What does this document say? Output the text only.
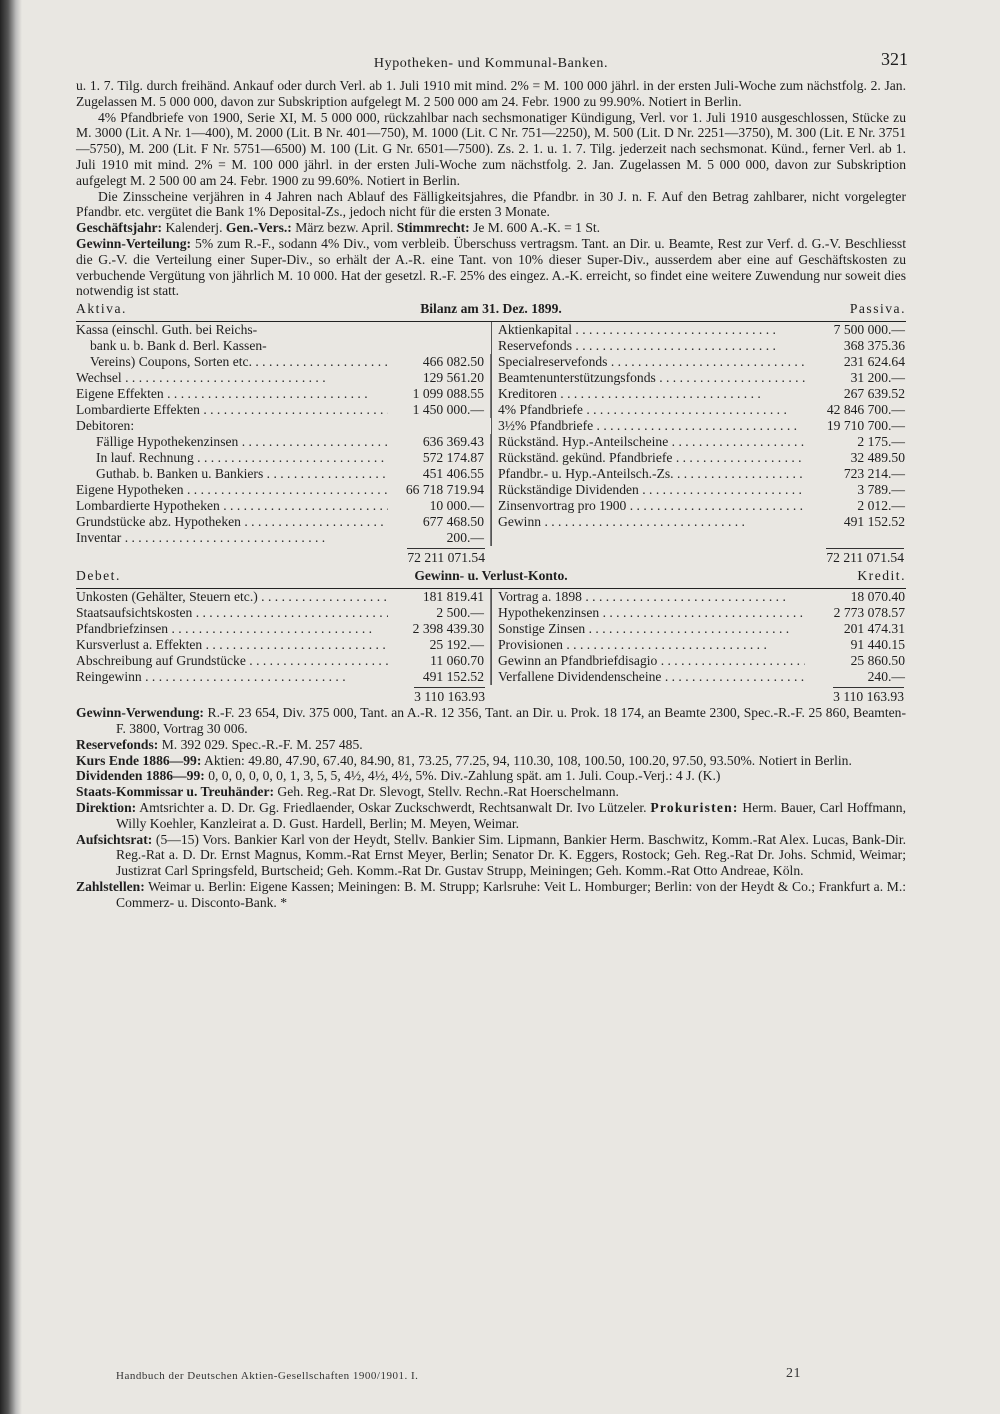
Hypotheken- und Kommunal-Banken.	321

u. 1. 7. Tilg. durch freihänd. Ankauf oder durch Verl. ab 1. Juli 1910 mit mind. 2% = M. 100 000 jährl. in der ersten Juli-Woche zum nächstfolg. 2. Jan. Zugelassen M. 5 000 000, davon zur Subskription aufgelegt M. 2 500 000 am 24. Febr. 1900 zu 99.90%. Notiert in Berlin.

4% Pfandbriefe von 1900, Serie XI, M. 5 000 000, rückzahlbar nach sechsmonatiger Kündigung, Verl. vor 1. Juli 1910 ausgeschlossen, Stücke zu M. 3000 (Lit. A Nr. 1—400), M. 2000 (Lit. B Nr. 401—750), M. 1000 (Lit. C Nr. 751—2250), M. 500 (Lit. D Nr. 2251—3750), M. 300 (Lit. E Nr. 3751—5750), M. 200 (Lit. F Nr. 5751—6500) M. 100 (Lit. G Nr. 6501—7500). Zs. 2. 1. u. 1. 7. Tilg. jederzeit nach sechsmonat. Künd., ferner Verl. ab 1. Juli 1910 mit mind. 2% = M. 100 000 jährl. in der ersten Juli-Woche zum nächstfolg. 2. Jan. Zugelassen M. 5 000 000, davon zur Subskription aufgelegt M. 2 500 00 am 24. Febr. 1900 zu 99.60%. Notiert in Berlin.

Die Zinsscheine verjähren in 4 Jahren nach Ablauf des Fälligkeitsjahres, die Pfandbr. in 30 J. n. F. Auf den Betrag zahlbarer, nicht vorgelegter Pfandbr. etc. vergütet die Bank 1% Deposital-Zs., jedoch nicht für die ersten 3 Monate.

Geschäftsjahr: Kalenderj. Gen.-Vers.: März bezw. April. Stimmrecht: Je M. 600 A.-K. = 1 St.

Gewinn-Verteilung: 5% zum R.-F., sodann 4% Div., vom verbleib. Überschuss vertragsm. Tant. an Dir. u. Beamte, Rest zur Verf. d. G.-V. Beschliesst die G.-V. die Verteilung einer Super-Div., so erhält der A.-R. eine Tant. von 10% dieser Super-Div., ausserdem aber eine auf Geschäftskosten zu verbuchende Vergütung von jährlich M. 10 000. Hat der gesetzl. R.-F. 25% des eingez. A.-K. erreicht, so findet eine weitere Zuwendung nur soweit dies notwendig ist statt.

Aktiva.	Bilanz am 31. Dez. 1899.	Passiva.
Kassa (einschl. Guth. bei Reichs-
bank u. b. Bank d. Berl. Kassen-
Vereins) Coupons, Sorten etc. . . .	466 082.50
Wechsel . . .	129 561.20
Eigene Effekten . . .	1 099 088.55
Lombardierte Effekten . . .	1 450 000.—
Debitoren:
Fällige Hypothekenzinsen . . .	636 369.43
In lauf. Rechnung . . .	572 174.87
Guthab. b. Banken u. Bankiers . . .	451 406.55
Eigene Hypotheken . . .	66 718 719.94
Lombardierte Hypotheken . . .	10 000.—
Grundstücke abz. Hypotheken . . .	677 468.50
Inventar . . .	200.—
Aktienkapital . . .	7 500 000.—
Reservefonds . . .	368 375.36
Specialreservefonds . . .	231 624.64
Beamtenunterstützungsfonds . . .	31 200.—
Kreditoren . . .	267 639.52
4% Pfandbriefe . . .	42 846 700.—
3½% Pfandbriefe . . .	19 710 700.—
Rückständ. Hyp.-Anteilscheine . . .	2 175.—
Rückständ. gekünd. Pfandbriefe . . .	32 489.50
Pfandbr.- u. Hyp.-Anteilsch.-Zs. . . .	723 214.—
Rückständige Dividenden . . .	3 789.—
Zinsenvortrag pro 1900 . . .	2 012.—
Gewinn . . .	491 152.52
72 211 071.54	72 211 071.54
Debet.	Gewinn- u. Verlust-Konto.	Kredit.
Unkosten (Gehälter, Steuern etc.) . . .	181 819.41
Staatsaufsichtskosten . . .	2 500.—
Pfandbriefzinsen . . .	2 398 439.30
Kursverlust a. Effekten . . .	25 192.—
Abschreibung auf Grundstücke . . .	11 060.70
Reingewinn . . .	491 152.52
Vortrag a. 1898 . . .	18 070.40
Hypothekenzinsen . . .	2 773 078.57
Sonstige Zinsen . . .	201 474.31
Provisionen . . .	91 440.15
Gewinn an Pfandbriefdisagio . . .	25 860.50
Verfallene Dividendenscheine . . .	240.—
3 110 163.93	3 110 163.93

Gewinn-Verwendung: R.-F. 23 654, Div. 375 000, Tant. an A.-R. 12 356, Tant. an Dir. u. Prok. 18 174, an Beamte 2300, Spec.-R.-F. 25 860, Beamten-F. 3800, Vortrag 30 006.

Reservefonds: M. 392 029. Spec.-R.-F. M. 257 485.

Kurs Ende 1886—99: Aktien: 49.80, 47.90, 67.40, 84.90, 81, 73.25, 77.25, 94, 110.30, 108, 100.50, 100.20, 97.50, 93.50%. Notiert in Berlin.

Dividenden 1886—99: 0, 0, 0, 0, 0, 0, 1, 3, 5, 5, 4½, 4½, 4½, 5%. Div.-Zahlung spät. am 1. Juli. Coup.-Verj.: 4 J. (K.)

Staats-Kommissar u. Treuhänder: Geh. Reg.-Rat Dr. Slevogt, Stellv. Rechn.-Rat Hoerschelmann.

Direktion: Amtsrichter a. D. Dr. Gg. Friedlaender, Oskar Zuckschwerdt, Rechtsanwalt Dr. Ivo Lützeler. Prokuristen: Herm. Bauer, Carl Hoffmann, Willy Koehler, Kanzleirat a. D. Gust. Hardell, Berlin; M. Meyen, Weimar.

Aufsichtsrat: (5—15) Vors. Bankier Karl von der Heydt, Stellv. Bankier Sim. Lipmann, Bankier Herm. Baschwitz, Komm.-Rat Alex. Lucas, Bank-Dir. Reg.-Rat a. D. Dr. Ernst Magnus, Komm.-Rat Ernst Meyer, Berlin; Senator Dr. K. Eggers, Rostock; Geh. Reg.-Rat Dr. Johs. Schmid, Weimar; Justizrat Carl Springsfeld, Burtscheid; Geh. Komm.-Rat Dr. Gustav Strupp, Meiningen; Geh. Komm.-Rat Otto Andreae, Köln.

Zahlstellen: Weimar u. Berlin: Eigene Kassen; Meiningen: B. M. Strupp; Karlsruhe: Veit L. Homburger; Berlin: von der Heydt & Co.; Frankfurt a. M.: Commerz- u. Disconto-Bank. *

Handbuch der Deutschen Aktien-Gesellschaften 1900/1901. I.	21
